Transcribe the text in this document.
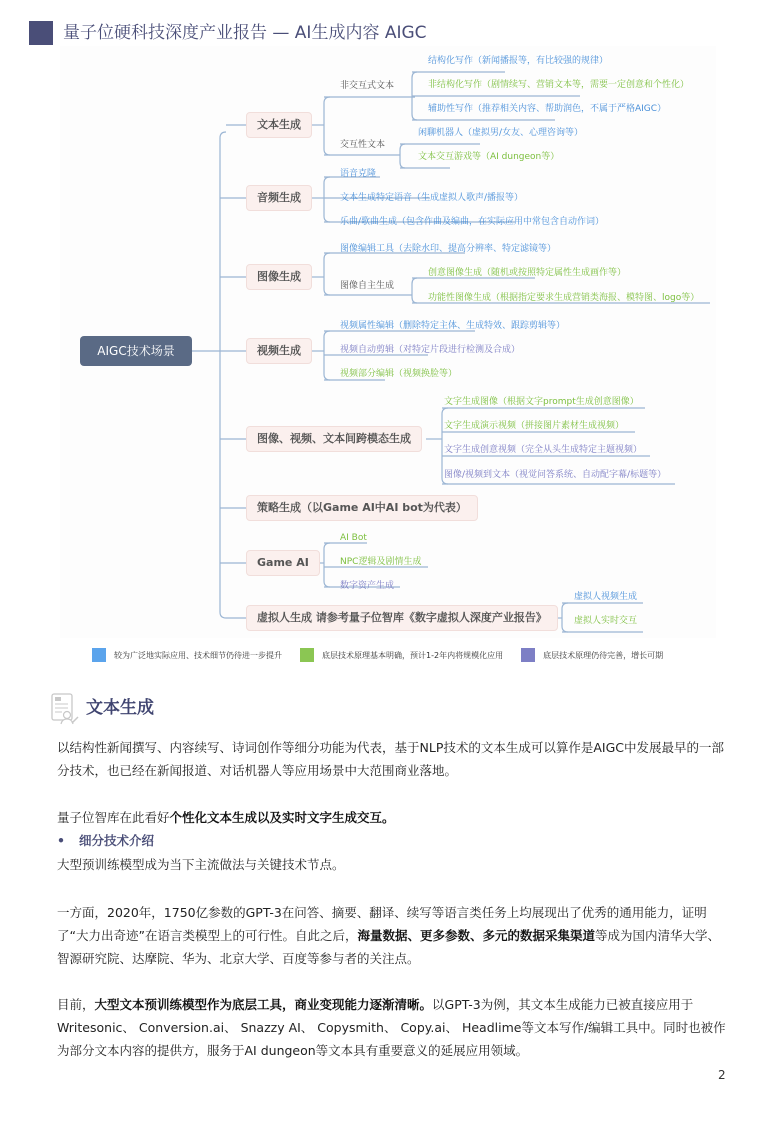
量子位硬科技深度产业报告 — AI生成内容 AIGC
AIGC技术场景
文本生成
音频生成
图像生成
视频生成
图像、视频、文本间跨模态生成
策略生成（以Game AI中AI bot为代表）
Game AI
虚拟人生成 请参考量子位智库《数字虚拟人深度产业报告》
非交互式文本
结构化写作（新闻播报等，有比较强的规律）
非结构化写作（剧情续写、营销文本等，需要一定创意和个性化）
辅助性写作（推荐相关内容、帮助润色，不属于严格AIGC）
交互性文本
闲聊机器人（虚拟男/女友、心理咨询等）
文本交互游戏等（AI dungeon等）
语音克隆
文本生成特定语音（生成虚拟人歌声/播报等）
乐曲/歌曲生成（包含作曲及编曲，在实际应用中常包含自动作词）
图像编辑工具（去除水印、提高分辨率、特定滤镜等）
图像自主生成
创意图像生成（随机或按照特定属性生成画作等）
功能性图像生成（根据指定要求生成营销类海报、模特图、logo等）
视频属性编辑（删除特定主体、生成特效、跟踪剪辑等）
视频自动剪辑（对特定片段进行检测及合成）
视频部分编辑（视频换脸等）
文字生成图像（根据文字prompt生成创意图像）
文字生成演示视频（拼接图片素材生成视频）
文字生成创意视频（完全从头生成特定主题视频）
图像/视频到文本（视觉问答系统、自动配字幕/标题等）
AI Bot
NPC逻辑及剧情生成
数字资产生成
虚拟人视频生成
虚拟人实时交互
较为广泛地实际应用、技术细节仍待进一步提升	底层技术原理基本明确，预计1-2年内将规模化应用	底层技术原理仍待完善，增长可期
文本生成
以结构性新闻撰写、内容续写、诗词创作等细分功能为代表，基于NLP技术的文本生成可以算作是AIGC中发展最早的一部分技术，也已经在新闻报道、对话机器人等应用场景中大范围商业落地。
量子位智库在此看好个性化文本生成以及实时文字生成交互。
• 细分技术介绍
大型预训练模型成为当下主流做法与关键技术节点。
一方面，2020年，1750亿参数的GPT-3在问答、摘要、翻译、续写等语言类任务上均展现出了优秀的通用能力，证明了“大力出奇迹”在语言类模型上的可行性。自此之后，海量数据、更多参数、多元的数据采集渠道等成为国内清华大学、智源研究院、达摩院、华为、北京大学、百度等参与者的关注点。
目前，大型文本预训练模型作为底层工具，商业变现能力逐渐清晰。以GPT-3为例，其文本生成能力已被直接应用于Writesonic、 Conversion.ai、 Snazzy AI、 Copysmith、 Copy.ai、 Headlime等文本写作/编辑工具中。同时也被作为部分文本内容的提供方，服务于AI dungeon等文本具有重要意义的延展应用领域。
2
